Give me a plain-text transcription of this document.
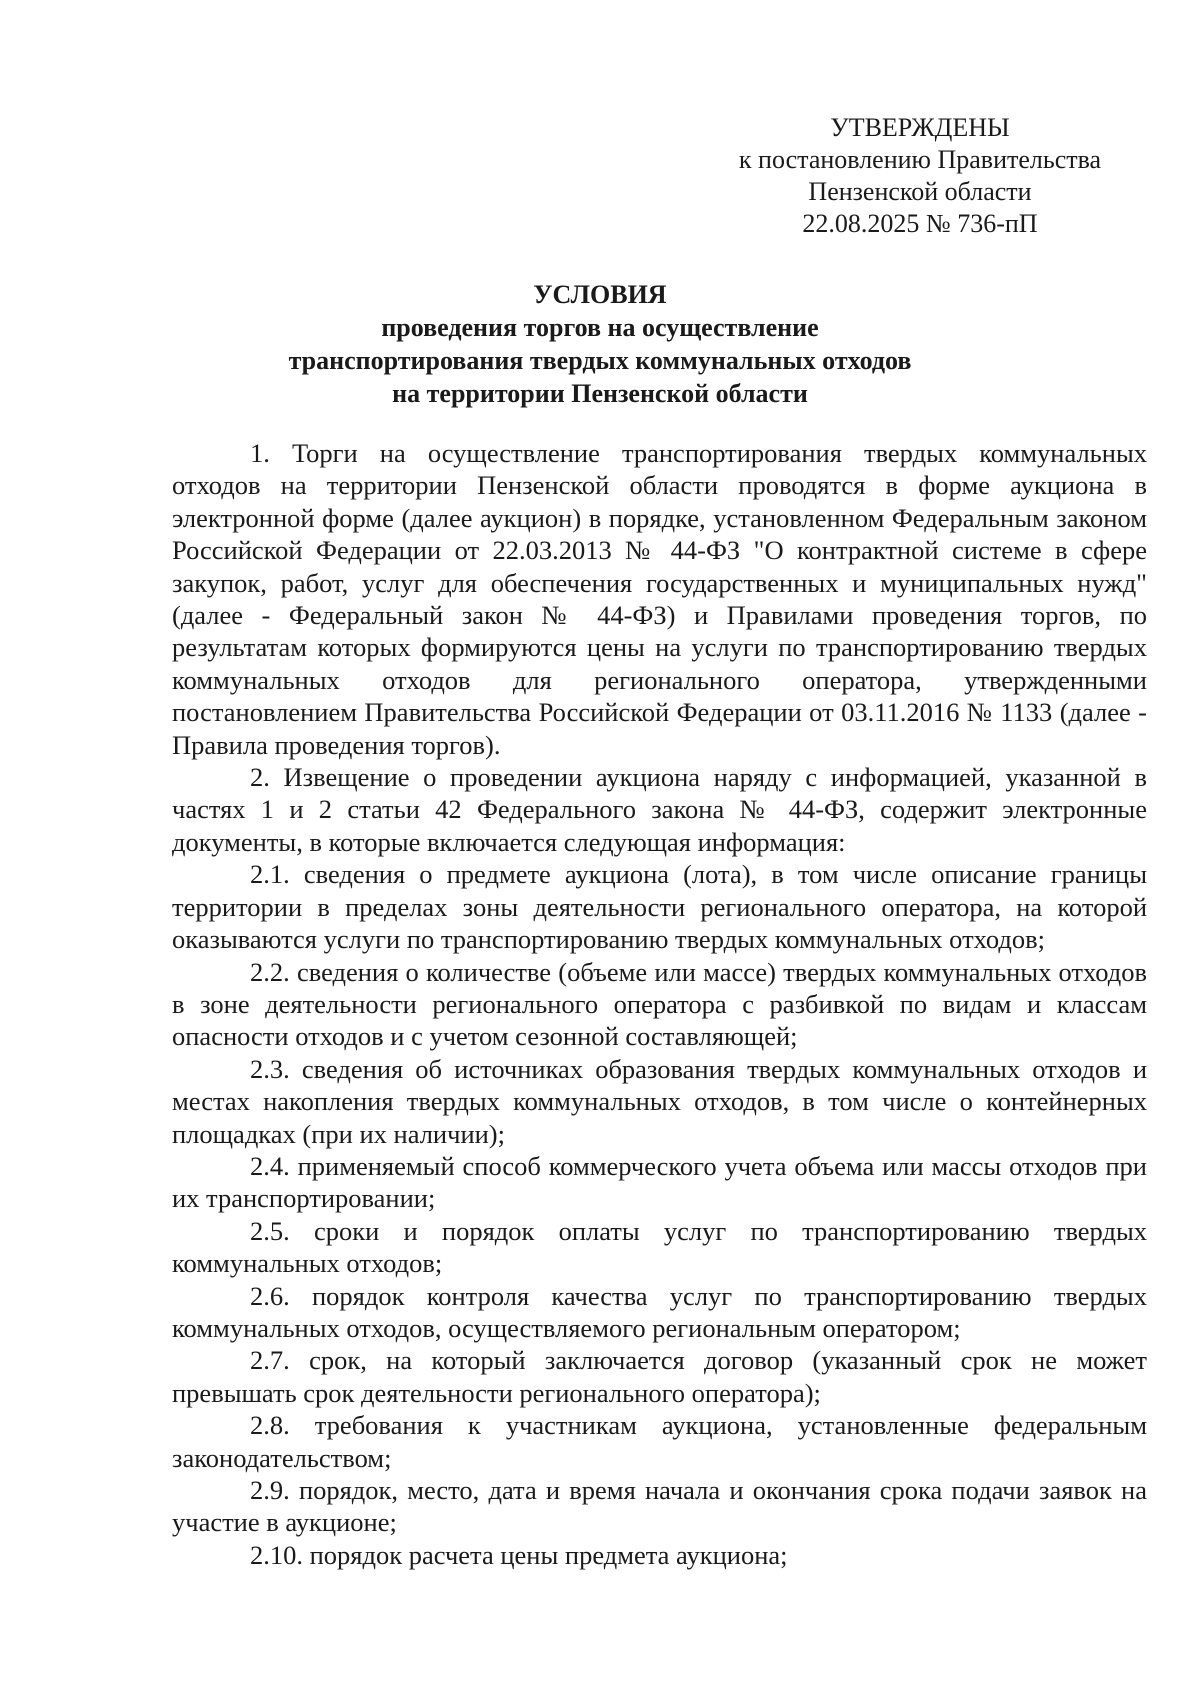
УТВЕРЖДЕНЫ
к постановлению Правительства
Пензенской области
22.08.2025 № 736-пП
УСЛОВИЯ
проведения торгов на осуществление
транспортирования твердых коммунальных отходов
на территории Пензенской области

1. Торги на осуществление транспортирования твердых коммунальных отходов на территории Пензенской области проводятся в форме аукциона в электронной форме (далее аукцион) в порядке, установленном Федеральным законом Российской Федерации от 22.03.2013 № 44-ФЗ "О контрактной системе в сфере закупок, работ, услуг для обеспечения государственных и муниципальных нужд" (далее - Федеральный закон № 44-ФЗ) и Правилами проведения торгов, по результатам которых формируются цены на услуги по транспортированию твердых коммунальных отходов для регионального оператора, утвержденными постановлением Правительства Российской Федерации от 03.11.2016 № 1133 (далее - Правила проведения торгов).

2. Извещение о проведении аукциона наряду с информацией, указанной в частях 1 и 2 статьи 42 Федерального закона № 44-ФЗ, содержит электронные документы, в которые включается следующая информация:

2.1. сведения о предмете аукциона (лота), в том числе описание границы территории в пределах зоны деятельности регионального оператора, на которой оказываются услуги по транспортированию твердых коммунальных отходов;

2.2. сведения о количестве (объеме или массе) твердых коммунальных отходов в зоне деятельности регионального оператора с разбивкой по видам и классам опасности отходов и с учетом сезонной составляющей;

2.3. сведения об источниках образования твердых коммунальных отходов и местах накопления твердых коммунальных отходов, в том числе о контейнерных площадках (при их наличии);

2.4. применяемый способ коммерческого учета объема или массы отходов при их транспортировании;

2.5. сроки и порядок оплаты услуг по транспортированию твердых коммунальных отходов;

2.6. порядок контроля качества услуг по транспортированию твердых коммунальных отходов, осуществляемого региональным оператором;

2.7. срок, на который заключается договор (указанный срок не может превышать срок деятельности регионального оператора);

2.8. требования к участникам аукциона, установленные федеральным законодательством;

2.9. порядок, место, дата и время начала и окончания срока подачи заявок на участие в аукционе;

2.10. порядок расчета цены предмета аукциона;
